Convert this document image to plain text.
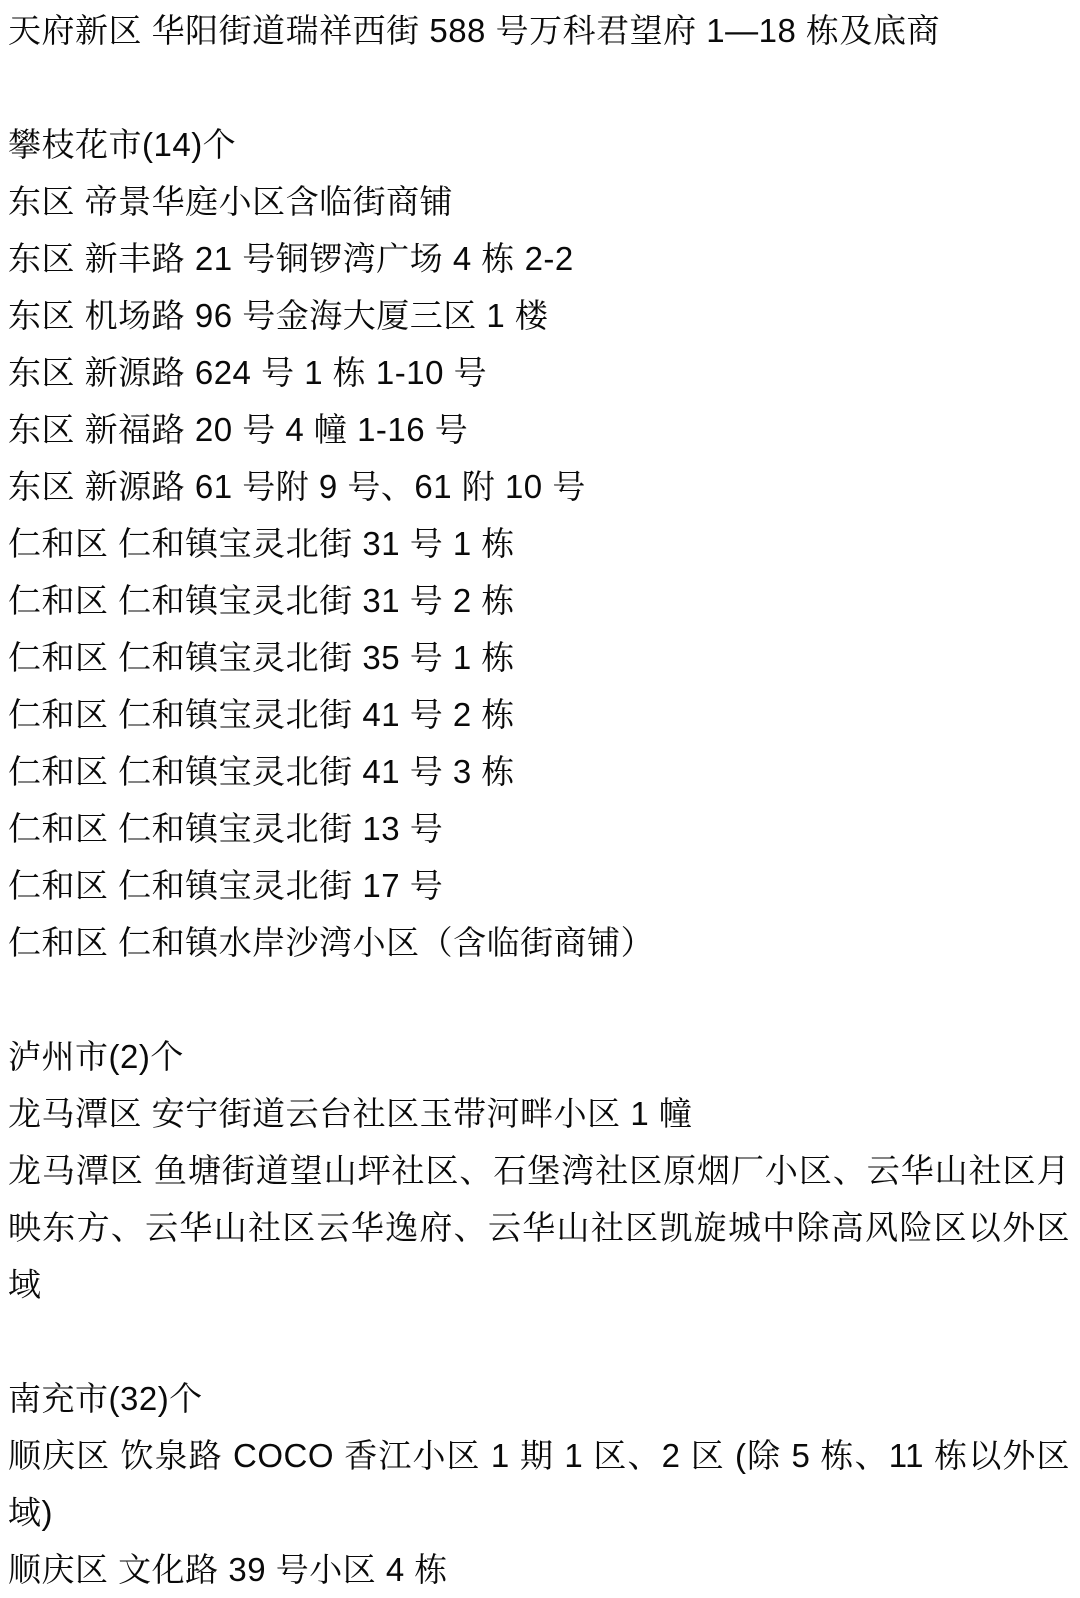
天府新区 华阳街道瑞祥西街 588 号万科君望府 1—18 栋及底商

攀枝花市(14)个

东区 帝景华庭小区含临街商铺

东区 新丰路 21 号铜锣湾广场 4 栋 2-2

东区 机场路 96 号金海大厦三区 1 楼

东区 新源路 624 号 1 栋 1-10 号

东区 新福路 20 号 4 幢 1-16 号

东区 新源路 61 号附 9 号、61 附 10 号

仁和区 仁和镇宝灵北街 31 号 1 栋

仁和区 仁和镇宝灵北街 31 号 2 栋

仁和区 仁和镇宝灵北街 35 号 1 栋

仁和区 仁和镇宝灵北街 41 号 2 栋

仁和区 仁和镇宝灵北街 41 号 3 栋

仁和区 仁和镇宝灵北街 13 号

仁和区 仁和镇宝灵北街 17 号

仁和区 仁和镇水岸沙湾小区（含临街商铺）

泸州市(2)个

龙马潭区 安宁街道云台社区玉带河畔小区 1 幢

龙马潭区 鱼塘街道望山坪社区、石堡湾社区原烟厂小区、云华山社区月映东方、云华山社区云华逸府、云华山社区凯旋城中除高风险区以外区域

南充市(32)个

顺庆区 饮泉路 COCO 香江小区 1 期 1 区、2 区 (除 5 栋、11 栋以外区域)

顺庆区 文化路 39 号小区 4 栋
